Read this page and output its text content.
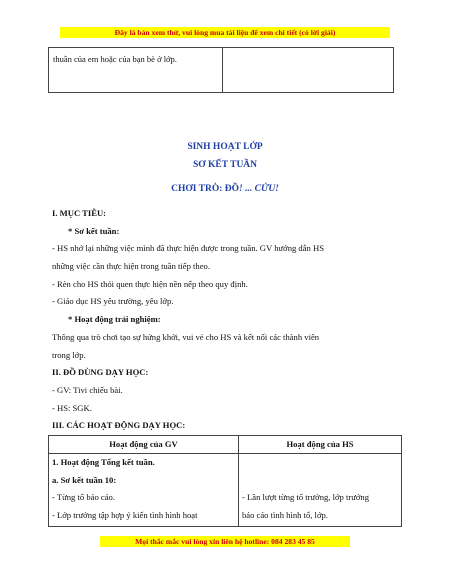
Đây là bản xem thử, vui lòng mua tài liệu để xem chi tiết (có lời giải)
thuần của em hoặc của bạn bè ở lớp.
SINH HOẠT LỚP
SƠ KẾT TUẦN
CHƠI TRÒ: ĐỒ! ... CỨU!
I. MỤC TIÊU:
* Sơ kết tuần:
- HS nhớ lại những việc mình đã thực hiện được trong tuần. GV hướng dẫn HS
những việc cần thực hiện trong tuần tiếp theo.
- Rèn cho HS thói quen thực hiện nền nếp theo quy định.
- Giáo dục HS yêu trường, yêu lớp.
* Hoạt động trải nghiệm:
Thông qua trò chơi tạo sự hứng khởi, vui vẻ cho HS và kết nối các thành viên
trong lớp.
II. ĐỒ DÙNG DẠY HỌC:
- GV: Tivi chiếu bài.
- HS: SGK.
III. CÁC HOẠT ĐỘNG DẠY HỌC:
Hoạt động của GV	Hoạt động của HS
1. Hoạt động Tổng kết tuần.
a. Sơ kết tuần 10:
- Từng tổ báo cáo.
- Lớp trưởng tập hợp ý kiến tình hình hoạt
- Lần lượt từng tổ trưởng, lớp trưởng
báo cáo tình hình tổ, lớp.
Mọi thắc mắc vui lòng xin liên hệ hotline: 084 283 45 85
